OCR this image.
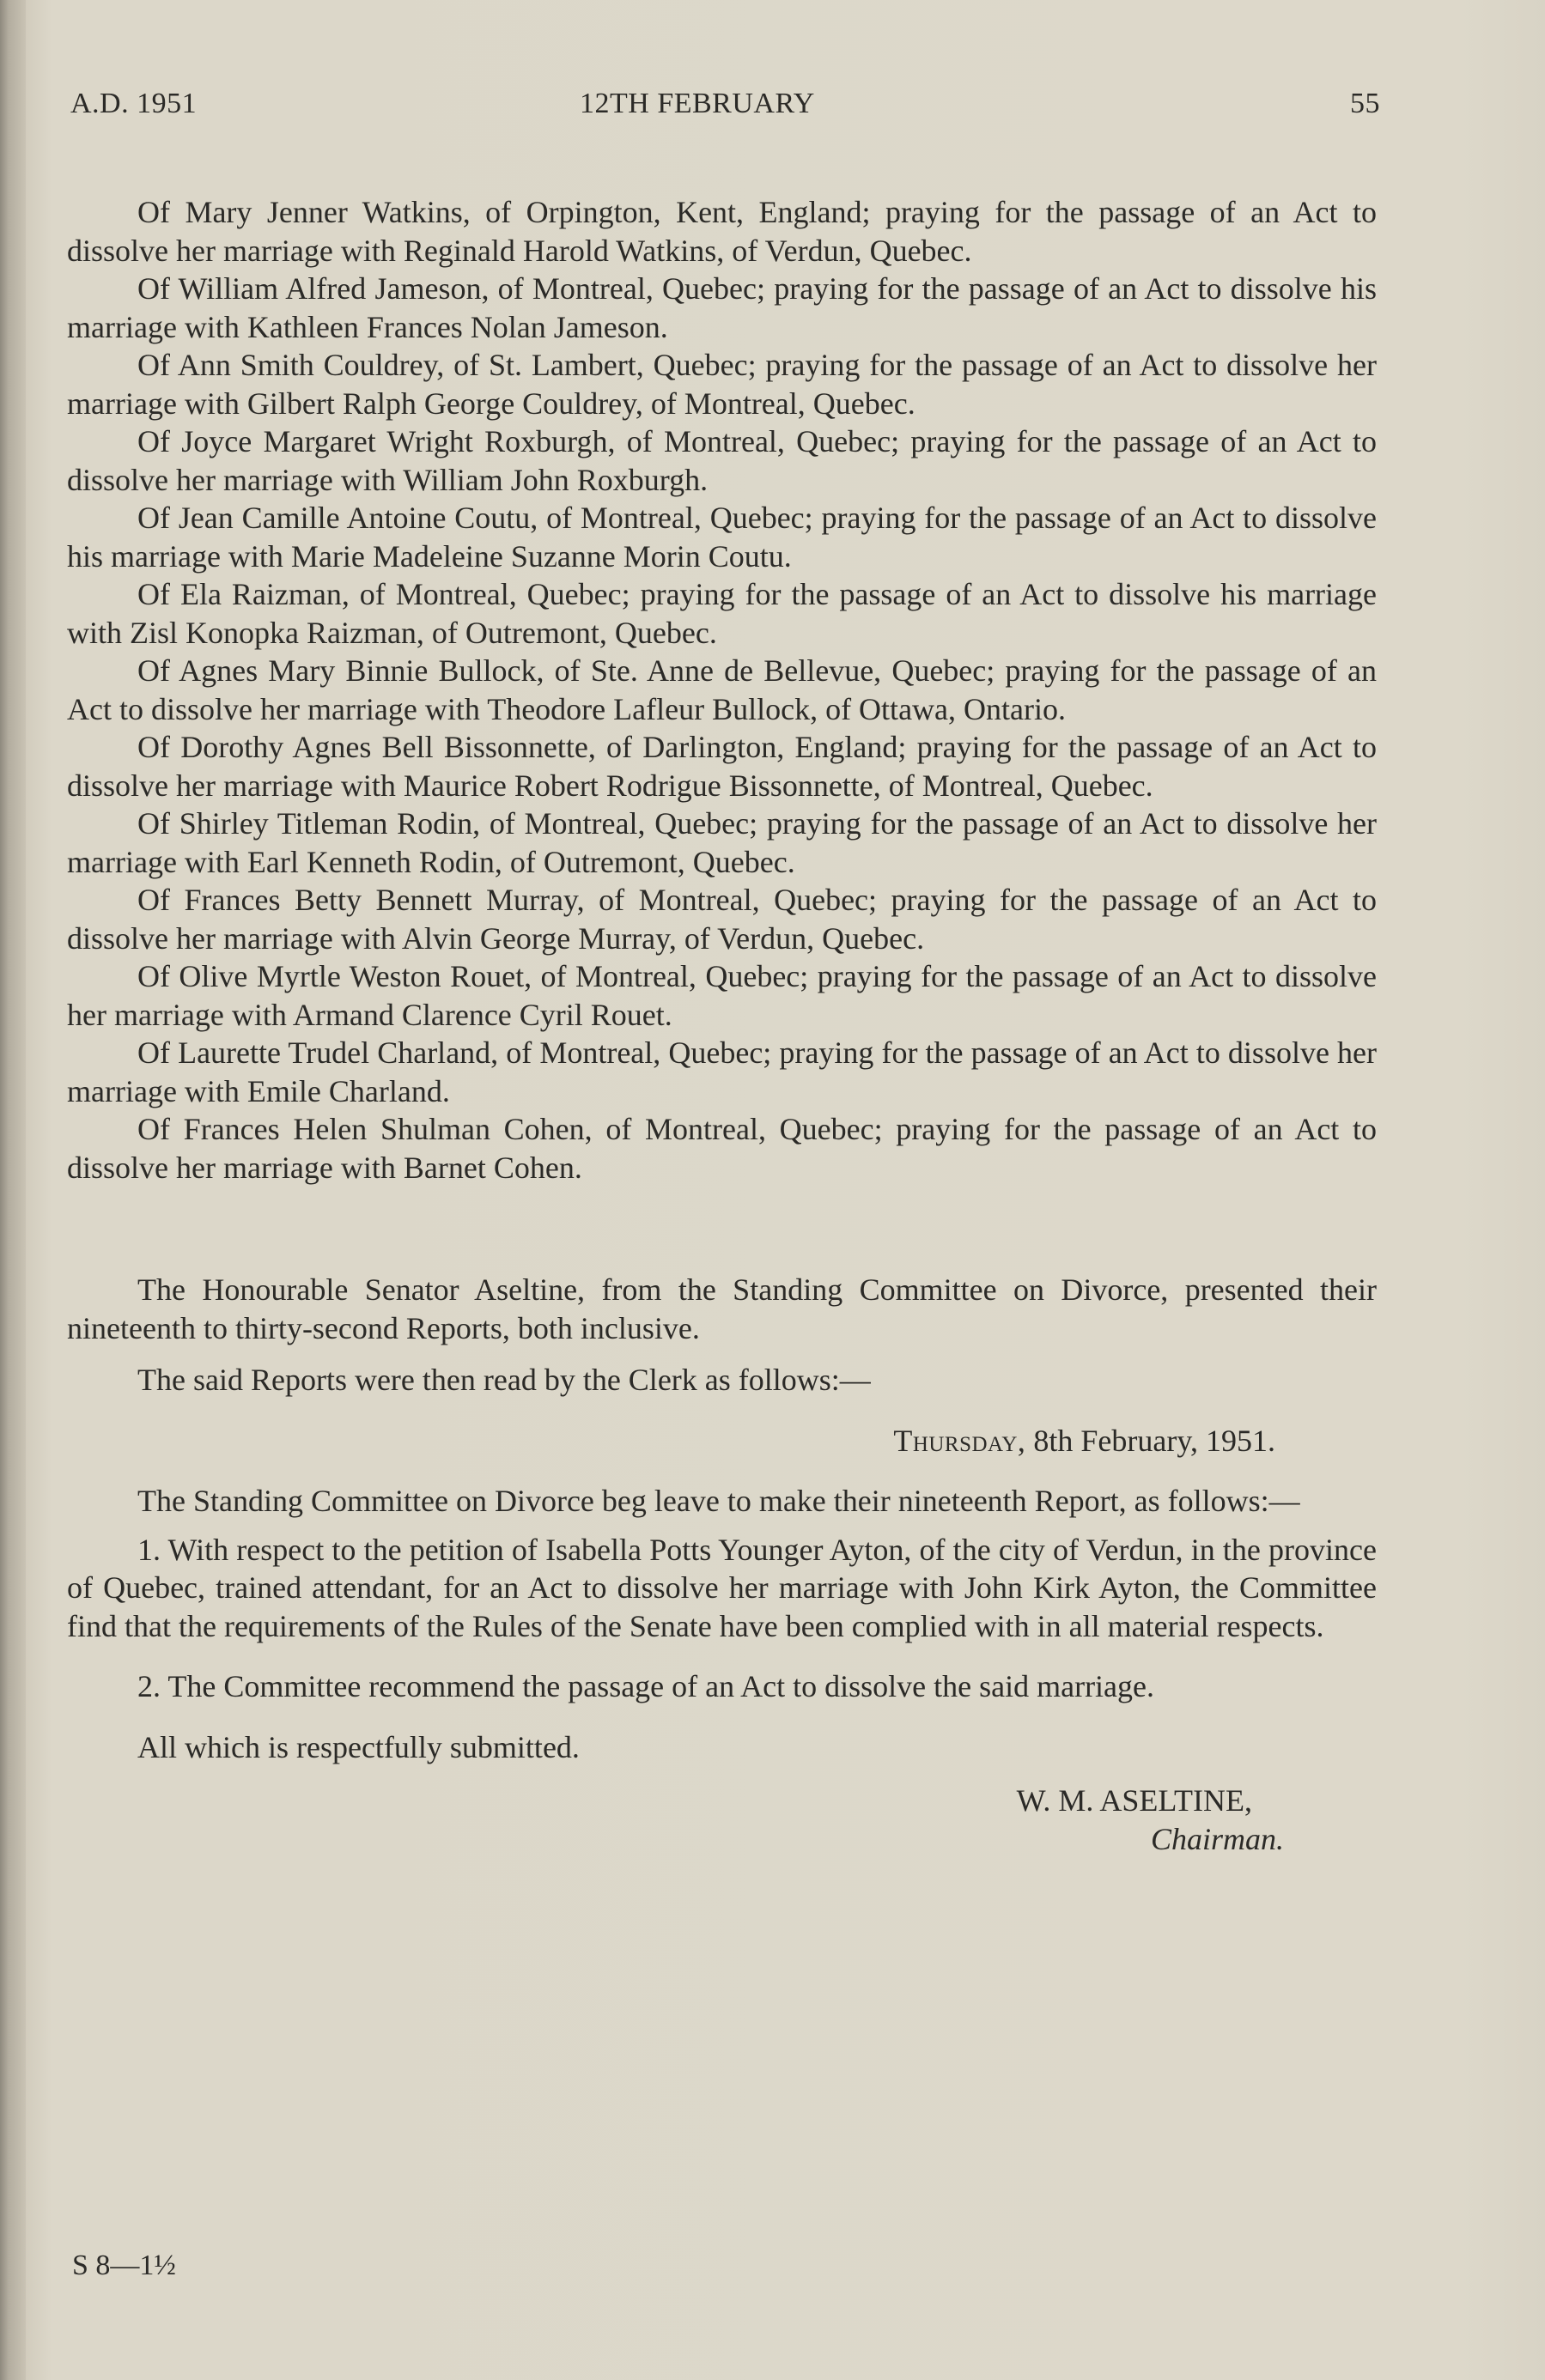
A.D. 1951	12TH FEBRUARY	55

Of Mary Jenner Watkins, of Orpington, Kent, England; praying for the passage of an Act to dissolve her marriage with Reginald Harold Watkins, of Verdun, Quebec.

Of William Alfred Jameson, of Montreal, Quebec; praying for the passage of an Act to dissolve his marriage with Kathleen Frances Nolan Jameson.

Of Ann Smith Couldrey, of St. Lambert, Quebec; praying for the passage of an Act to dissolve her marriage with Gilbert Ralph George Couldrey, of Montreal, Quebec.

Of Joyce Margaret Wright Roxburgh, of Montreal, Quebec; praying for the passage of an Act to dissolve her marriage with William John Roxburgh.

Of Jean Camille Antoine Coutu, of Montreal, Quebec; praying for the passage of an Act to dissolve his marriage with Marie Madeleine Suzanne Morin Coutu.

Of Ela Raizman, of Montreal, Quebec; praying for the passage of an Act to dissolve his marriage with Zisl Konopka Raizman, of Outremont, Quebec.

Of Agnes Mary Binnie Bullock, of Ste. Anne de Bellevue, Quebec; praying for the passage of an Act to dissolve her marriage with Theodore Lafleur Bullock, of Ottawa, Ontario.

Of Dorothy Agnes Bell Bissonnette, of Darlington, England; praying for the passage of an Act to dissolve her marriage with Maurice Robert Rodrigue Bissonnette, of Montreal, Quebec.

Of Shirley Titleman Rodin, of Montreal, Quebec; praying for the passage of an Act to dissolve her marriage with Earl Kenneth Rodin, of Outremont, Quebec.

Of Frances Betty Bennett Murray, of Montreal, Quebec; praying for the passage of an Act to dissolve her marriage with Alvin George Murray, of Verdun, Quebec.

Of Olive Myrtle Weston Rouet, of Montreal, Quebec; praying for the passage of an Act to dissolve her marriage with Armand Clarence Cyril Rouet.

Of Laurette Trudel Charland, of Montreal, Quebec; praying for the passage of an Act to dissolve her marriage with Emile Charland.

Of Frances Helen Shulman Cohen, of Montreal, Quebec; praying for the passage of an Act to dissolve her marriage with Barnet Cohen.

The Honourable Senator Aseltine, from the Standing Committee on Divorce, presented their nineteenth to thirty-second Reports, both inclusive.

The said Reports were then read by the Clerk as follows:—

Thursday, 8th February, 1951.

The Standing Committee on Divorce beg leave to make their nineteenth Report, as follows:—

1. With respect to the petition of Isabella Potts Younger Ayton, of the city of Verdun, in the province of Quebec, trained attendant, for an Act to dissolve her marriage with John Kirk Ayton, the Committee find that the requirements of the Rules of the Senate have been complied with in all material respects.

2. The Committee recommend the passage of an Act to dissolve the said marriage.

All which is respectfully submitted.

W. M. ASELTINE,

Chairman.

S 8—1½
